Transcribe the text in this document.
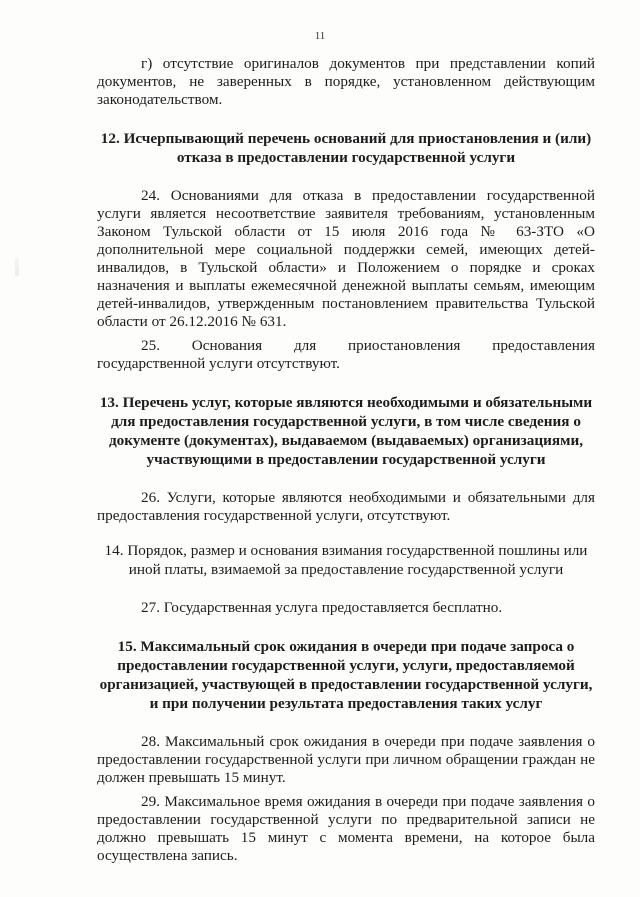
11

г) отсутствие оригиналов документов при представлении копий документов, не заверенных в порядке, установленном действующим законодательством.

12. Исчерпывающий перечень оснований для приостановления и (или) отказа в предоставлении государственной услуги

24. Основаниями для отказа в предоставлении государственной услуги является несоответствие заявителя требованиям, установленным Законом Тульской области от 15 июля 2016 года № 63-ЗТО «О дополнительной мере социальной поддержки семей, имеющих детей-инвалидов, в Тульской области» и Положением о порядке и сроках назначения и выплаты ежемесячной денежной выплаты семьям, имеющим детей-инвалидов, утвержденным постановлением правительства Тульской области от 26.12.2016 № 631.

25. Основания для приостановления предоставления государственной услуги отсутствуют.

13. Перечень услуг, которые являются необходимыми и обязательными для предоставления государственной услуги, в том числе сведения о документе (документах), выдаваемом (выдаваемых) организациями, участвующими в предоставлении государственной услуги

26. Услуги, которые являются необходимыми и обязательными для предоставления государственной услуги, отсутствуют.

14. Порядок, размер и основания взимания государственной пошлины или иной платы, взимаемой за предоставление государственной услуги

27. Государственная услуга предоставляется бесплатно.

15. Максимальный срок ожидания в очереди при подаче запроса о предоставлении государственной услуги, услуги, предоставляемой организацией, участвующей в предоставлении государственной услуги, и при получении результата предоставления таких услуг

28. Максимальный срок ожидания в очереди при подаче заявления о предоставлении государственной услуги при личном обращении граждан не должен превышать 15 минут.

29. Максимальное время ожидания в очереди при подаче заявления о предоставлении государственной услуги по предварительной записи не должно превышать 15 минут с момента времени, на которое была осуществлена запись.
